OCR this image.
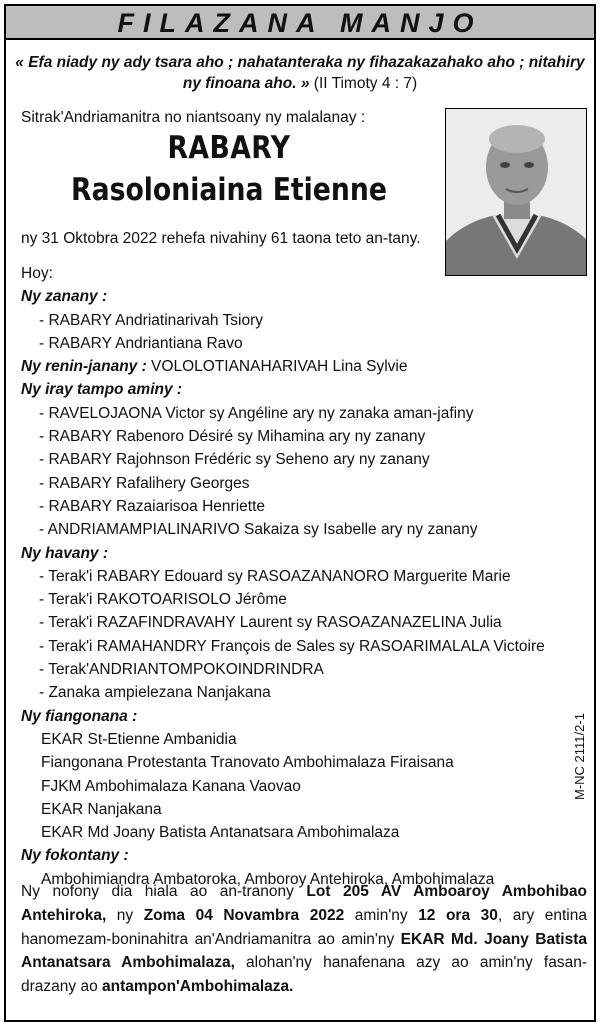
FILAZANA MANJO
« Efa niady ny ady tsara aho ; nahatanteraka ny fihazakazahako aho ; nitahiry ny finoana aho. » (II Timoty 4 : 7)
Sitrak'Andriamanitra no niantsoany ny malalanay :
RABARY
Rasoloniaina Etienne
ny 31 Oktobra 2022 rehefa nivahiny 61 taona teto an-tany.
Hoy:
Ny zanany :
- RABARY Andriatinarivah Tsiory
- RABARY Andriantiana Ravo
Ny renin-janany : VOLOLOTIANAHARIVAH Lina Sylvie
Ny iray tampo aminy :
- RAVELOJAONA Victor sy Angéline ary ny zanaka aman-jafiny
- RABARY Rabenoro Désiré sy Mihamina ary ny zanany
- RABARY Rajohnson Frédéric sy Seheno ary ny zanany
- RABARY Rafalihery Georges
- RABARY Razaiarisoa Henriette
- ANDRIAMAMPIALINARIVO Sakaiza sy Isabelle ary ny zanany
Ny havany :
- Terak'i RABARY Edouard sy RASOAZANANORO Marguerite Marie
- Terak'i RAKOTOARISOLO Jérôme
- Terak'i RAZAFINDRAVAHY Laurent sy RASOAZANAZELINA Julia
- Terak'i RAMAHANDRY François de Sales sy RASOARIMALALA Victoire
- Terak'ANDRIANTOMPOKOINDRINDRA
- Zanaka ampielezana Nanjakana
Ny fiangonana :
EKAR St-Etienne Ambanidia
Fiangonana Protestanta Tranovato Ambohimalaza Firaisana
FJKM Ambohimalaza Kanana Vaovao
EKAR Nanjakana
EKAR Md Joany Batista Antanatsara Ambohimalaza
Ny fokontany :
Ambohimiandra Ambatoroka, Amboroy Antehiroka, Ambohimalaza
Ny nofony dia hiala ao an-tranony Lot 205 AV Amboaroy Ambohibao Antehiroka, ny Zoma 04 Novambra 2022 amin'ny 12 ora 30, ary entina hanomezam-boninahitra an'Andriamanitra ao amin'ny EKAR Md. Joany Batista Antanatsara Ambohimalaza, alohan'ny hanafenana azy ao amin'ny fasan-drazany ao antampon'Ambohimalaza.
M-NC 2111/2-1
